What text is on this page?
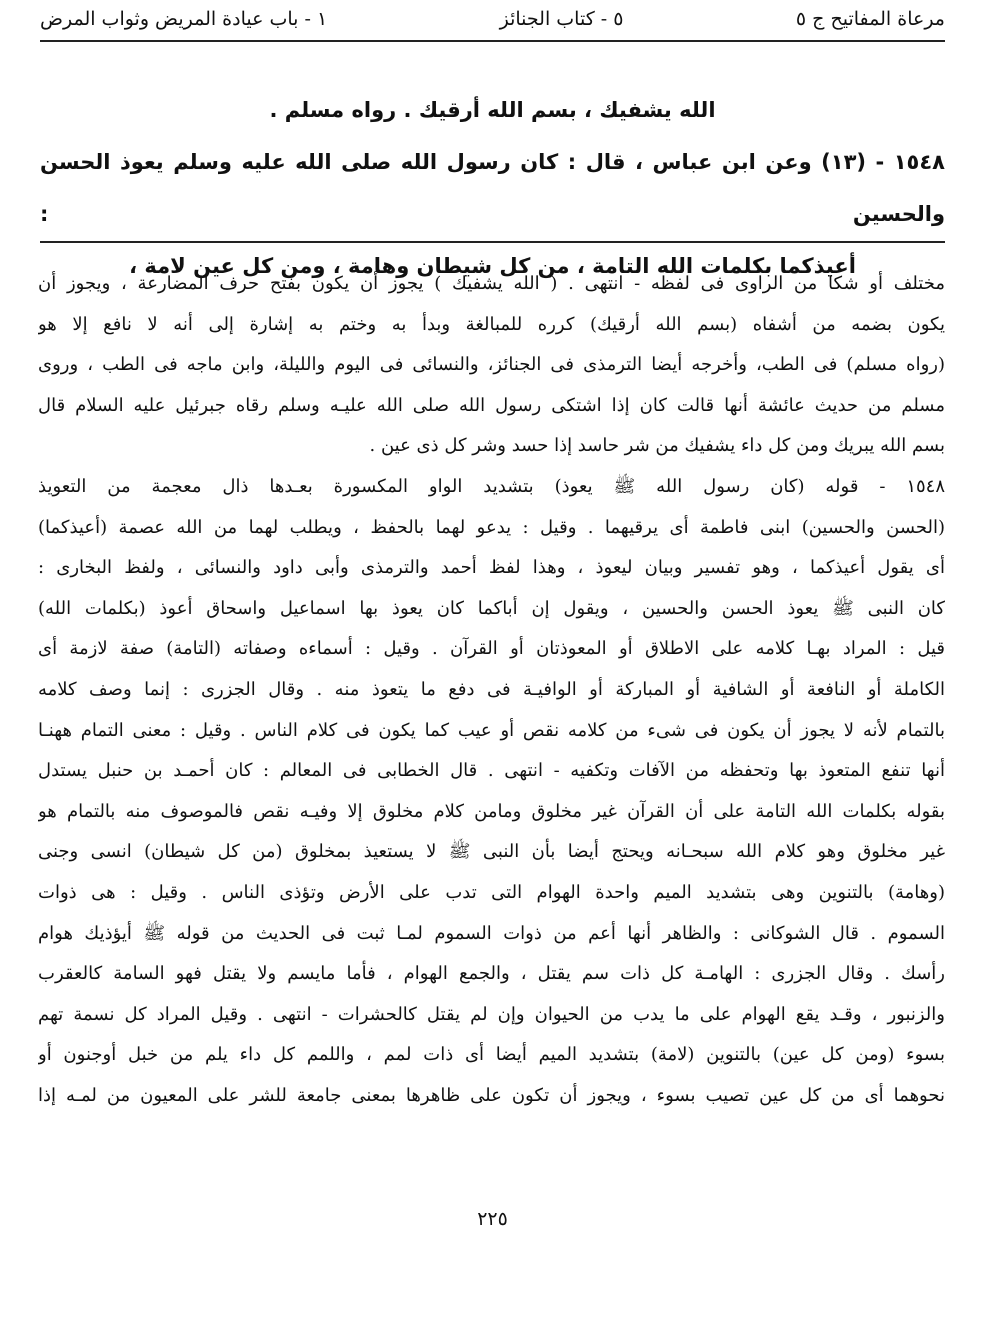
مرعاة المفاتيح ج ٥
٥ - كتاب الجنائز
١ - باب عيادة المريض وثواب المرض
الله يشفيك ، بسم الله أرقيك . رواه مسلم .
١٥٤٨ - (١٣) وعن ابن عباس ، قال : كان رسول الله صلى الله عليه وسلم يعوذ الحسن والحسين :
أعيذكما بكلمات الله التامة ، من كل شيطان وهامة ، ومن كل عين لامة ،
مختلف أو شكا من الراوى فى لفظه - انتهى . ( الله يشفيك ) يجوز أن يكون بفتح حرف المضارعة ، ويجوز أن
يكون بضمه من أشفاه (بسم الله أرقيك) كرره للمبالغة وبدأ به وختم به إشارة إلى أنه لا نافع إلا هو
(رواه مسلم) فى الطب، وأخرجه أيضا الترمذى فى الجنائز، والنسائى فى اليوم والليلة، وابن ماجه فى الطب ، وروى
مسلم من حديث عائشة أنها قالت كان إذا اشتكى رسول الله صلى الله عليـه وسلم رقاه جبرئيل عليه السلام قال
بسم الله يبريك ومن كل داء يشفيك من شر حاسد إذا حسد وشر كل ذى عين .
١٥٤٨ - قوله (كان رسول الله ﷺ يعوذ) بتشديد الواو المكسورة بعـدها ذال معجمة من التعويذ
(الحسن والحسين) ابنى فاطمة أى يرقيهما . وقيل : يدعو لهما بالحفظ ، ويطلب لهما من الله عصمة (أعيذكما)
أى يقول أعيذكما ، وهو تفسير وبيان ليعوذ ، وهذا لفظ أحمد والترمذى وأبى داود والنسائى ، ولفظ البخارى :
كان النبى ﷺ يعوذ الحسن والحسين ، ويقول إن أباكما كان يعوذ بها اسماعيل واسحاق أعوذ (بكلمات الله)
قيل : المراد بهـا كلامه على الاطلاق أو المعوذتان أو القرآن . وقيل : أسماءه وصفاته (التامة) صفة لازمة أى
الكاملة أو النافعة أو الشافية أو المباركة أو الوافيـة فى دفع ما يتعوذ منه . وقال الجزرى : إنما وصف كلامه
بالتمام لأنه لا يجوز أن يكون فى شىء من كلامه نقص أو عيب كما يكون فى كلام الناس . وقيل : معنى التمام ههنـا
أنها تنفع المتعوذ بها وتحفظه من الآفات وتكفيه - انتهى . قال الخطابى فى المعالم : كان أحمـد بن حنبل يستدل
بقوله بكلمات الله التامة على أن القرآن غير مخلوق ومامن كلام مخلوق إلا وفيـه نقص فالموصوف منه بالتمام هو
غير مخلوق وهو كلام الله سبحـانه ويحتج أيضا بأن النبى ﷺ لا يستعيذ بمخلوق (من كل شيطان) انسى وجنى
(وهامة) بالتنوين وهى بتشديد الميم واحدة الهوام التى تدب على الأرض وتؤذى الناس . وقيل : هى ذوات
السموم . قال الشوكانى : والظاهر أنها أعم من ذوات السموم لمـا ثبت فى الحديث من قوله ﷺ أيؤذيك هوام
رأسك . وقال الجزرى : الهامـة كل ذات سم يقتل ، والجمع الهوام ، فأما مايسم ولا يقتل فهو السامة كالعقرب
والزنبور ، وقـد يقع الهوام على ما يدب من الحيوان وإن لم يقتل كالحشرات - انتهى . وقيل المراد كل نسمة تهم
بسوء (ومن كل عين) بالتنوين (لامة) بتشديد الميم أيضا أى ذات لمم ، واللمم كل داء يلم من خبل أوجنون أو
نحوهما أى من كل عين تصيب بسوء ، ويجوز أن تكون على ظاهرها بمعنى جامعة للشر على المعيون من لمـه إذا
٢٢٥
